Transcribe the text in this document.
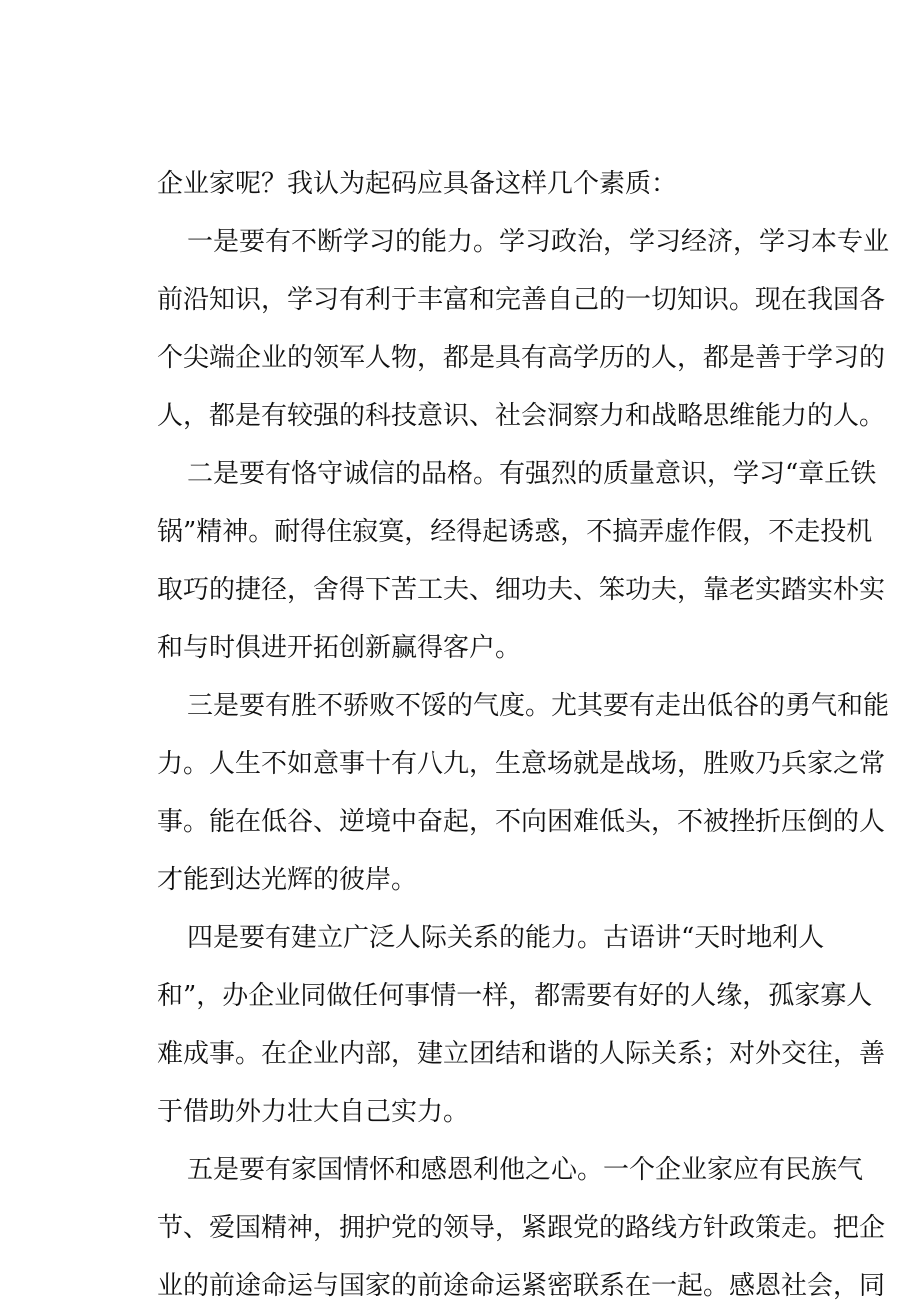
企业家呢？我认为起码应具备这样几个素质：
一是要有不断学习的能力。学习政治，学习经济，学习本专业
前沿知识，学习有利于丰富和完善自己的一切知识。现在我国各
个尖端企业的领军人物，都是具有高学历的人，都是善于学习的
人，都是有较强的科技意识、社会洞察力和战略思维能力的人。
二是要有恪守诚信的品格。有强烈的质量意识，学习“章丘铁
锅”精神。耐得住寂寞，经得起诱惑，不搞弄虚作假，不走投机
取巧的捷径，舍得下苦工夫、细功夫、笨功夫，靠老实踏实朴实
和与时俱进开拓创新赢得客户。
三是要有胜不骄败不馁的气度。尤其要有走出低谷的勇气和能
力。人生不如意事十有八九，生意场就是战场，胜败乃兵家之常
事。能在低谷、逆境中奋起，不向困难低头，不被挫折压倒的人
才能到达光辉的彼岸。
四是要有建立广泛人际关系的能力。古语讲“天时地利人
和”，办企业同做任何事情一样，都需要有好的人缘，孤家寡人
难成事。在企业内部，建立团结和谐的人际关系；对外交往，善
于借助外力壮大自己实力。
五是要有家国情怀和感恩利他之心。一个企业家应有民族气
节、爱国精神，拥护党的领导，紧跟党的路线方针政策走。把企
业的前途命运与国家的前途命运紧密联系在一起。感恩社会，同
